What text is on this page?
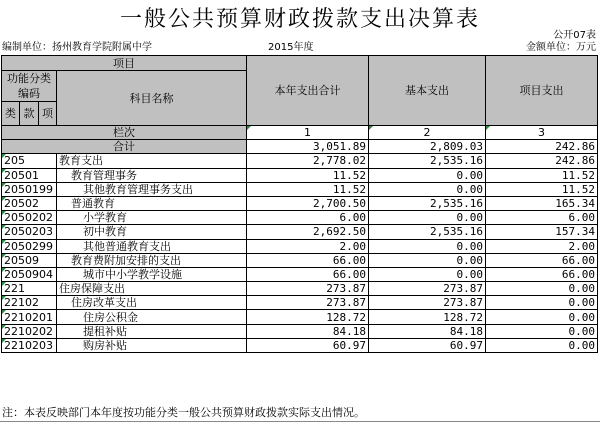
一般公共预算财政拨款支出决算表
公开07表
编制单位：扬州教育学院附属中学	2015年度	金额单位：万元
项目				本年支出合计	基本支出	项目支出
功能分类编码			科目名称			

类	款	项				
栏次				1	2	3
合计				3,051.89	2,809.03	242.86
205			教育支出	2,778.02	2,535.16	242.86
20501			教育管理事务	11.52	0.00	11.52
2050199			其他教育管理事务支出	11.52	0.00	11.52
20502			普通教育	2,700.50	2,535.16	165.34
2050202			小学教育	6.00	0.00	6.00
2050203			初中教育	2,692.50	2,535.16	157.34
2050299			其他普通教育支出	2.00	0.00	2.00
20509			教育费附加安排的支出	66.00	0.00	66.00
2050904			城市中小学教学设施	66.00	0.00	66.00
221			住房保障支出	273.87	273.87	0.00
22102			住房改革支出	273.87	273.87	0.00
2210201			住房公积金	128.72	128.72	0.00
2210202			提租补贴	84.18	84.18	0.00
2210203			购房补贴	60.97	60.97	0.00
注：本表反映部门本年度按功能分类一般公共预算财政拨款实际支出情况。
